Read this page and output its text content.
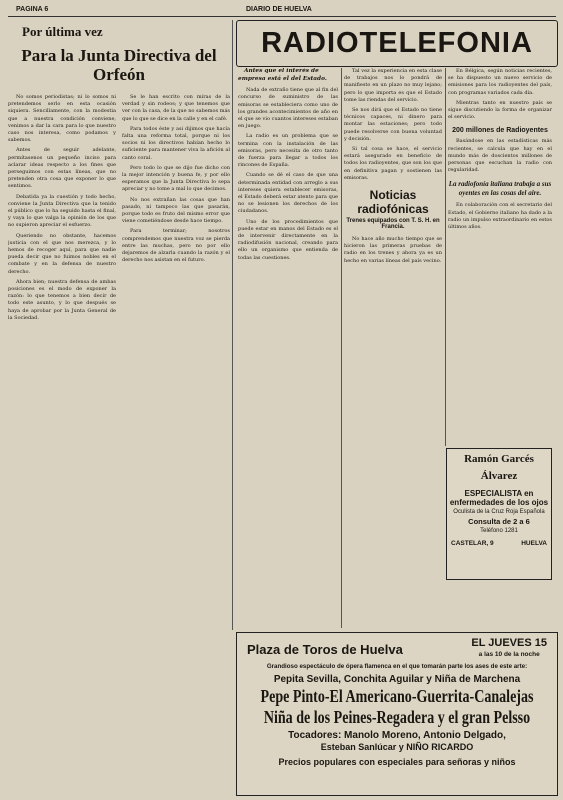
PAGINA 6	DIARIO DE HUELVA
Por última vez
Para la Junta Directiva del Orfeón

No somos periodistas; ni lo somos ni pretendemos serlo en esta ocasión siquiera. Sencillamente, con la modestia que a nuestra condición conviene, venimos a dar la cara para lo que nuestro caso nos interesa, como podamos y sabemos.

Antes de seguir adelante, permítasenos un pequeño inciso para aclarar ideas respecto a los fines que perseguimos con estas líneas, que no pretenden otra cosa que exponer lo que sentimos.

Debatida ya la cuestión y todo hecho, conviene la Junta Directiva que la tenido el público que lo ha seguido hasta el final, y vaya lo que valga la opinión de los que no supieron apreciar el esfuerzo.

Queriendo no obstante, hacemos justicia con el que nos merezca, y lo hemos de recoger aquí, para que nadie pueda decir que no fuimos nobles en el combate y en la defensa de nuestro derecho.

Ahora bien; nuestra defensa de ambas posiciones es el modo de exponer la razón: lo que tenemos a bien decir de todo este asunto, y lo que después se haya de aprobar por la Junta General de la Sociedad.

Se le han escrito con miras de la verdad y sin rodeos; y que tenemos que ver con la casa, de la que no sabemos más que lo que se dice en la calle y en el café.

Para todos éste y asi dijimos que hacía falta una reforma total, porque ni los socios ni los directivos habían hecho lo suficiente para mantener viva la afición al canto coral.

Pero todo lo que se dijo fue dicho con la mejor intención y buena fe, y por ello esperamos que la Junta Directiva lo sepa apreciar y no tome a mal lo que decimos.

No nos extrañan las cosas que han pasado, ni tampoco las que pasarán, porque todo es fruto del mismo error que viene cometiéndose desde hace tiempo.

Para terminar; nosotros comprendemos que nuestra voz se pierda entre las muchas, pero no por ello dejaremos de alzarla cuando la razón y el derecho nos asistan en el futuro.

RADIOTELEFONIA

Antes que el interés de empresa está el del Estado.

Nada de extraño tiene que al fin del concurso de suministro de las emisoras se estableciera como uno de los grandes acontecimientos de año en el que se vio cuantos intereses estaban en juego.

La radio es un problema que se termina con la instalación de las emisoras, pero necesita de otro tanto de fuerza para llegar a todos los rincones de España.

Cuando se dé el caso de que una determinada entidad con arreglo a sus intereses quiera establecer emisoras, el Estado deberá estar atento para que no se lesionen los derechos de los ciudadanos.

Uno de los procedimientos que puede estar en manos del Estado es el de intervenir directamente en la radiodifusión nacional, creando para ello un organismo que entienda de todas las cuestiones.

Tal vez la experiencia en esta clase de trabajos nos lo pondrá de manifiesto en un plazo no muy lejano; pero lo que importa es que el Estado tome las riendas del servicio.

Se nos dirá que el Estado no tiene técnicos capaces, ni dinero para montar las estaciones; pero todo puede resolverse con buena voluntad y decisión.

Si tal cosa se hace, el servicio estará asegurado en beneficio de todos los radioyentes, que son los que en definitiva pagan y sostienen las emisoras.

Noticias radiofónicas
Trenes equipados con T. S. H. en Francia.

No hace año mucho tiempo que se hicieron las primeras pruebas de radio en los trenes y ahora ya es un hecho en varias líneas del país vecino.

En Bélgica, según noticias recientes, se ha dispuesto un nuevo servicio de emisiones para los radioyentes del país, con programas variados cada día.

Mientras tanto en nuestro país se sigue discutiendo la forma de organizar el servicio.

200 millones de Radioyentes

Basándose en las estadísticas más recientes, se calcula que hay en el mundo más de doscientos millones de personas que escuchan la radio con regularidad.

La radiofonía italiana trabaja a sus oyentes en las cosas del aire.

En colaboración con el secretario del Estado, el Gobierno italiano ha dado a la radio un impulso extraordinario en estos últimos años.

Ramón Garcés
Álvarez
ESPECIALISTA en enfermedades de los ojos
Oculista de la Cruz Roja Española
Consulta de 2 a 6
Teléfono 1281
CASTELAR, 9	HUELVA
Plaza de Toros de Huelva	EL JUEVES 15
a las 10 de la noche
Grandioso espectáculo de ópera flamenca en el que tomarán parte los ases de este arte:
Pepita Sevilla, Conchita Aguilar y Niña de Marchena
Pepe Pinto-El Americano-Guerrita-Canalejas
Niña de los Peines-Regadera y el gran Pelsso
Tocadores: Manolo Moreno, Antonio Delgado,
Esteban Sanlúcar y NIÑO RICARDO
Precios populares con especiales para señoras y niños
